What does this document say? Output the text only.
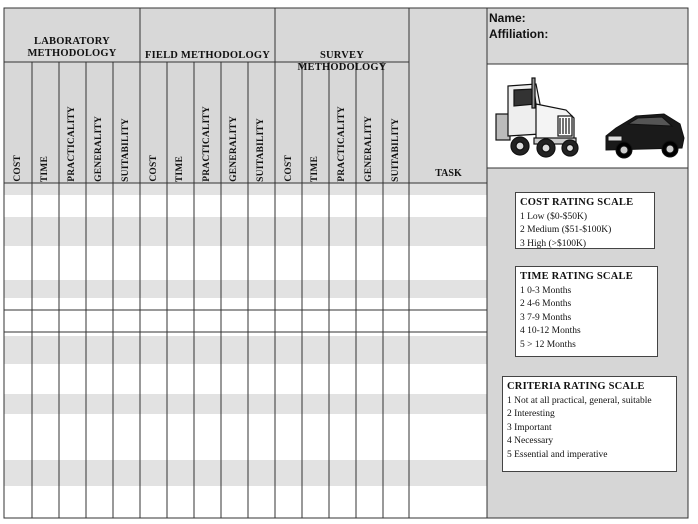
LABORATORY
METHODOLOGY	FIELD METHODOLOGY	SURVEY METHODOLOGY
COST TIME PRACTICALITY GENERALITY SUITABILITY COST TIME PRACTICALITY GENERALITY SUITABILITY COST TIME PRACTICALITY GENERALITY SUITABILITY	TASK
Name:
Affiliation:
COST RATING SCALE
1 Low ($0-$50K)
2 Medium ($51-$100K)
3 High (>$100K)
TIME RATING SCALE
1 0-3 Months
2 4-6 Months
3 7-9 Months
4 10-12 Months
5 > 12 Months
CRITERIA RATING SCALE
1 Not at all practical, general, suitable
2 Interesting
3 Important
4 Necessary
5 Essential and imperative
